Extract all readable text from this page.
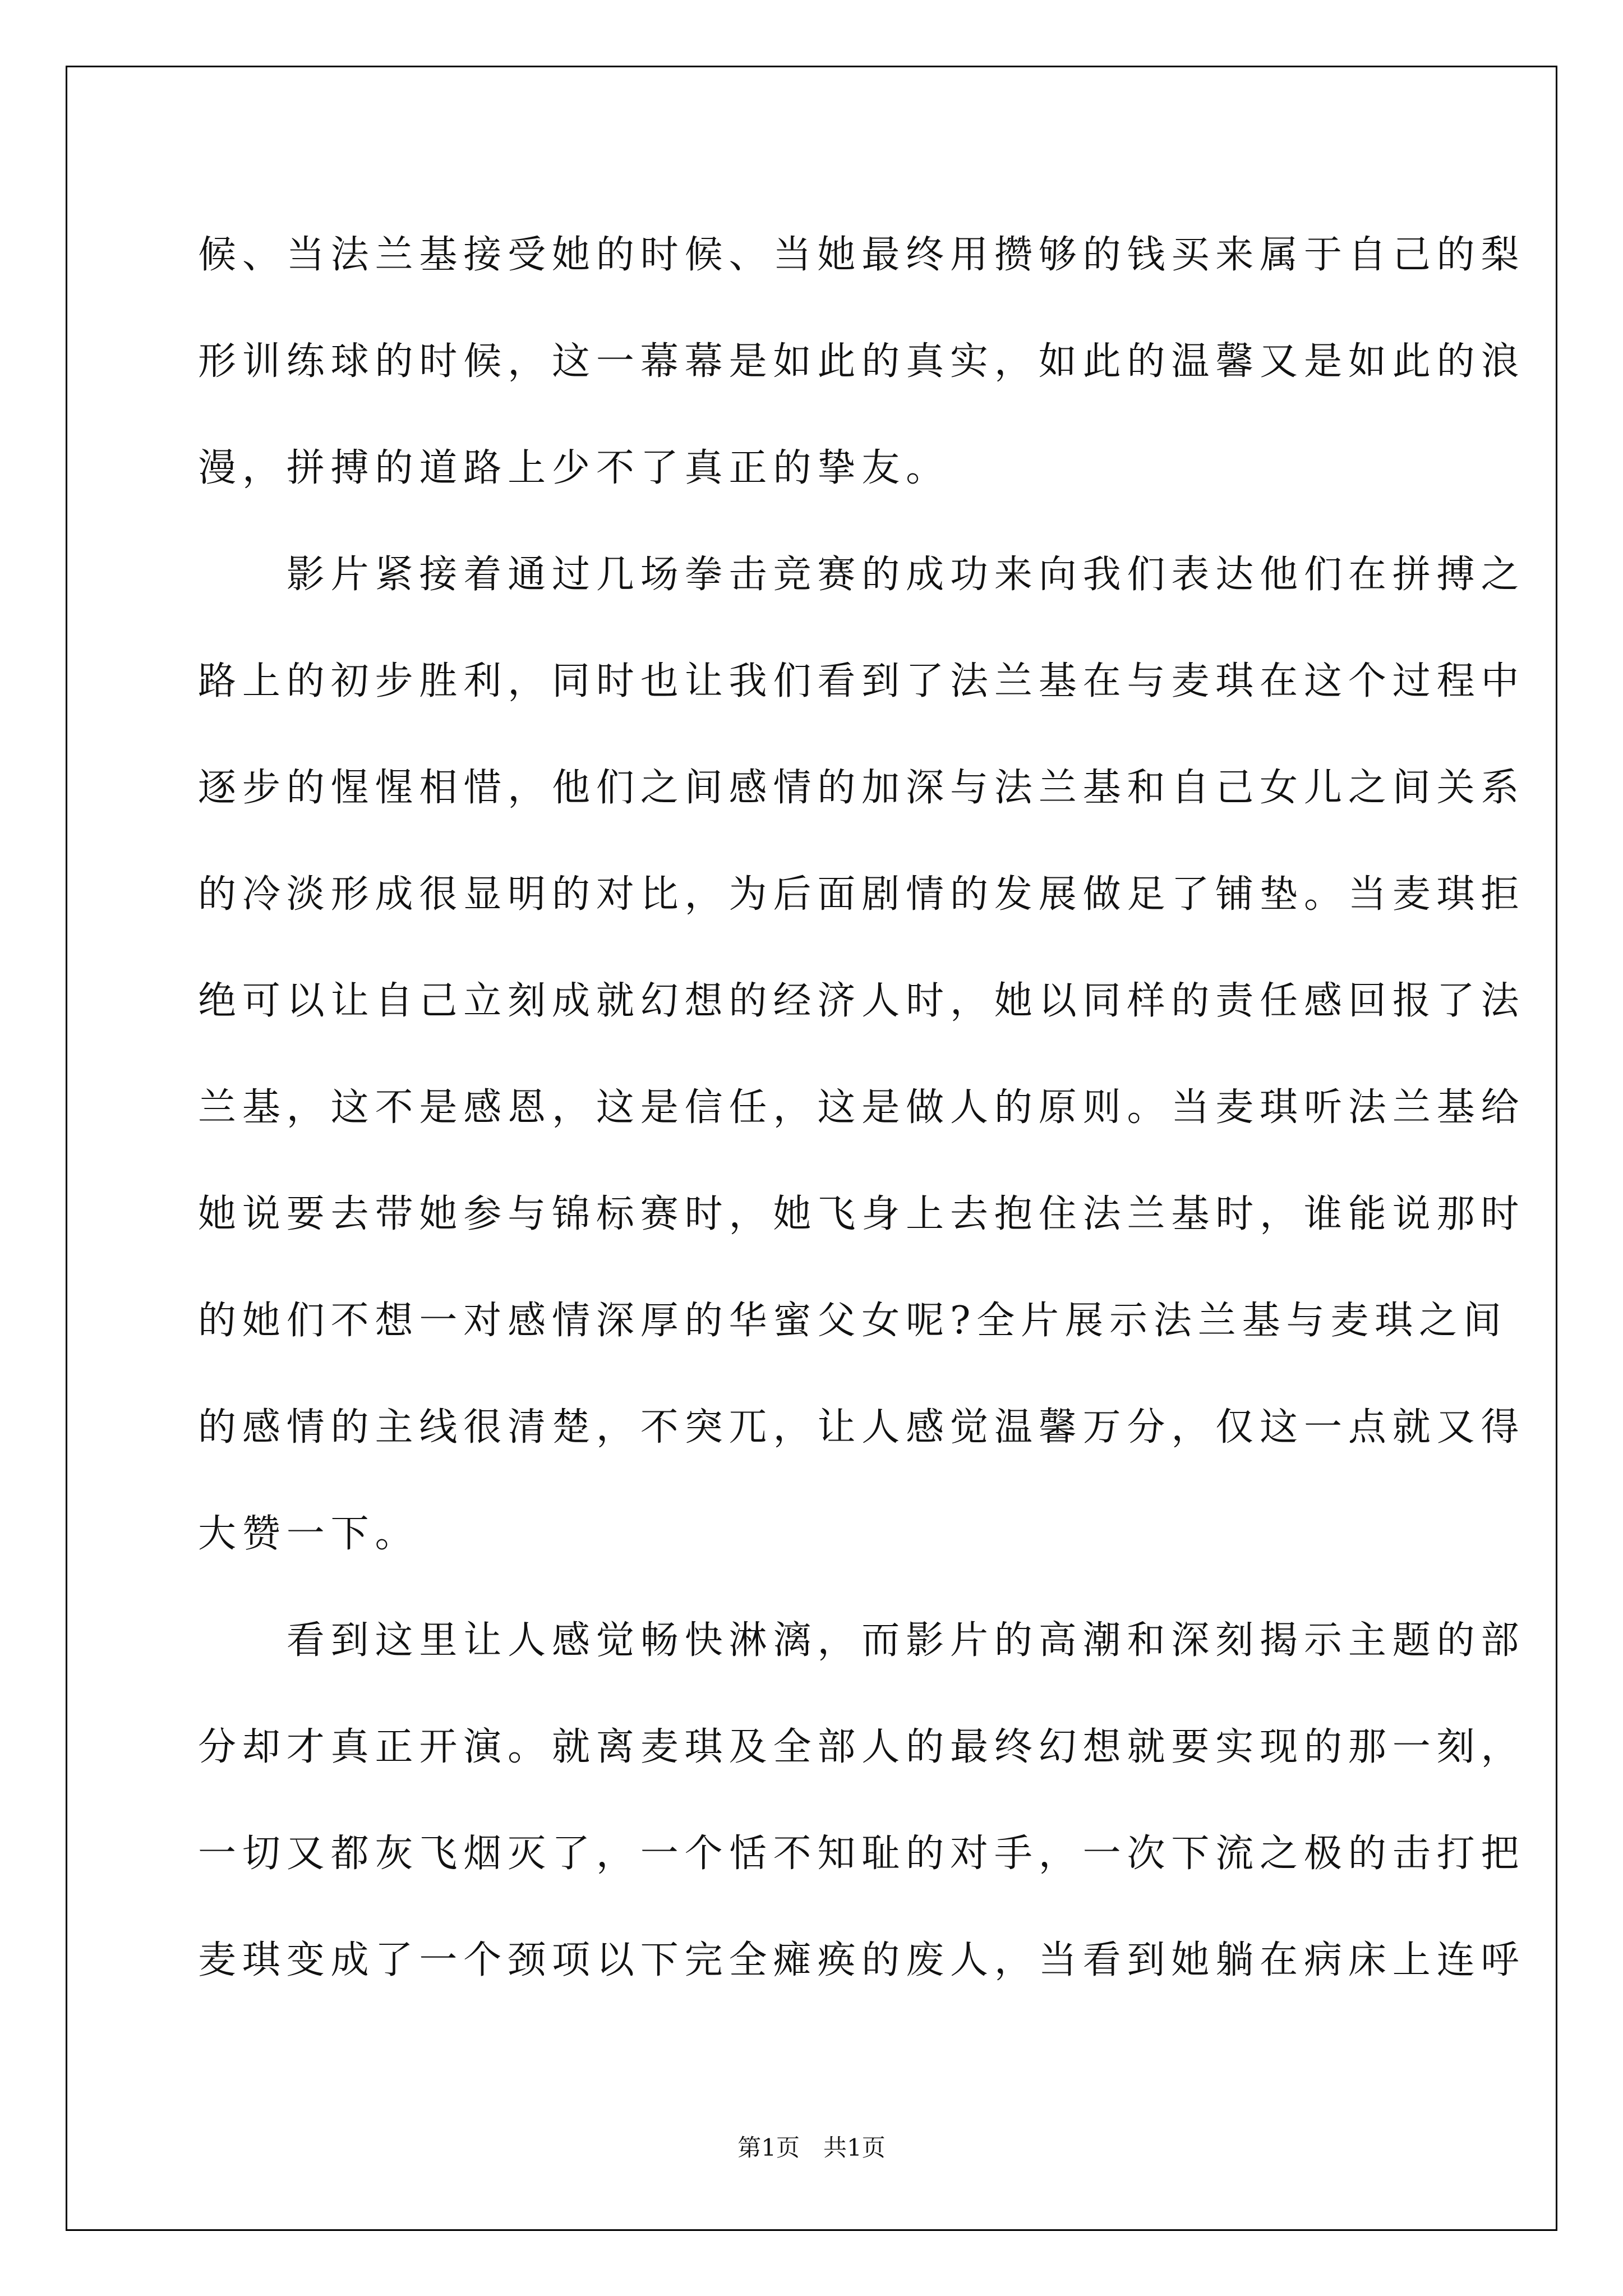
候、当法兰基接受她的时候、当她最终用攒够的钱买来属于自己的梨
形训练球的时候，这一幕幕是如此的真实，如此的温馨又是如此的浪
漫，拼搏的道路上少不了真正的挚友。
　　影片紧接着通过几场拳击竞赛的成功来向我们表达他们在拼搏之
路上的初步胜利，同时也让我们看到了法兰基在与麦琪在这个过程中
逐步的惺惺相惜，他们之间感情的加深与法兰基和自己女儿之间关系
的冷淡形成很显明的对比，为后面剧情的发展做足了铺垫。当麦琪拒
绝可以让自己立刻成就幻想的经济人时，她以同样的责任感回报了法
兰基，这不是感恩，这是信任，这是做人的原则。当麦琪听法兰基给
她说要去带她参与锦标赛时，她飞身上去抱住法兰基时，谁能说那时
的她们不想一对感情深厚的华蜜父女呢?全片展示法兰基与麦琪之间
的感情的主线很清楚，不突兀，让人感觉温馨万分，仅这一点就又得
大赞一下。
　　看到这里让人感觉畅快淋漓，而影片的高潮和深刻揭示主题的部
分却才真正开演。就离麦琪及全部人的最终幻想就要实现的那一刻，
一切又都灰飞烟灭了，一个恬不知耻的对手，一次下流之极的击打把
麦琪变成了一个颈项以下完全瘫痪的废人，当看到她躺在病床上连呼
第1页　共1页
